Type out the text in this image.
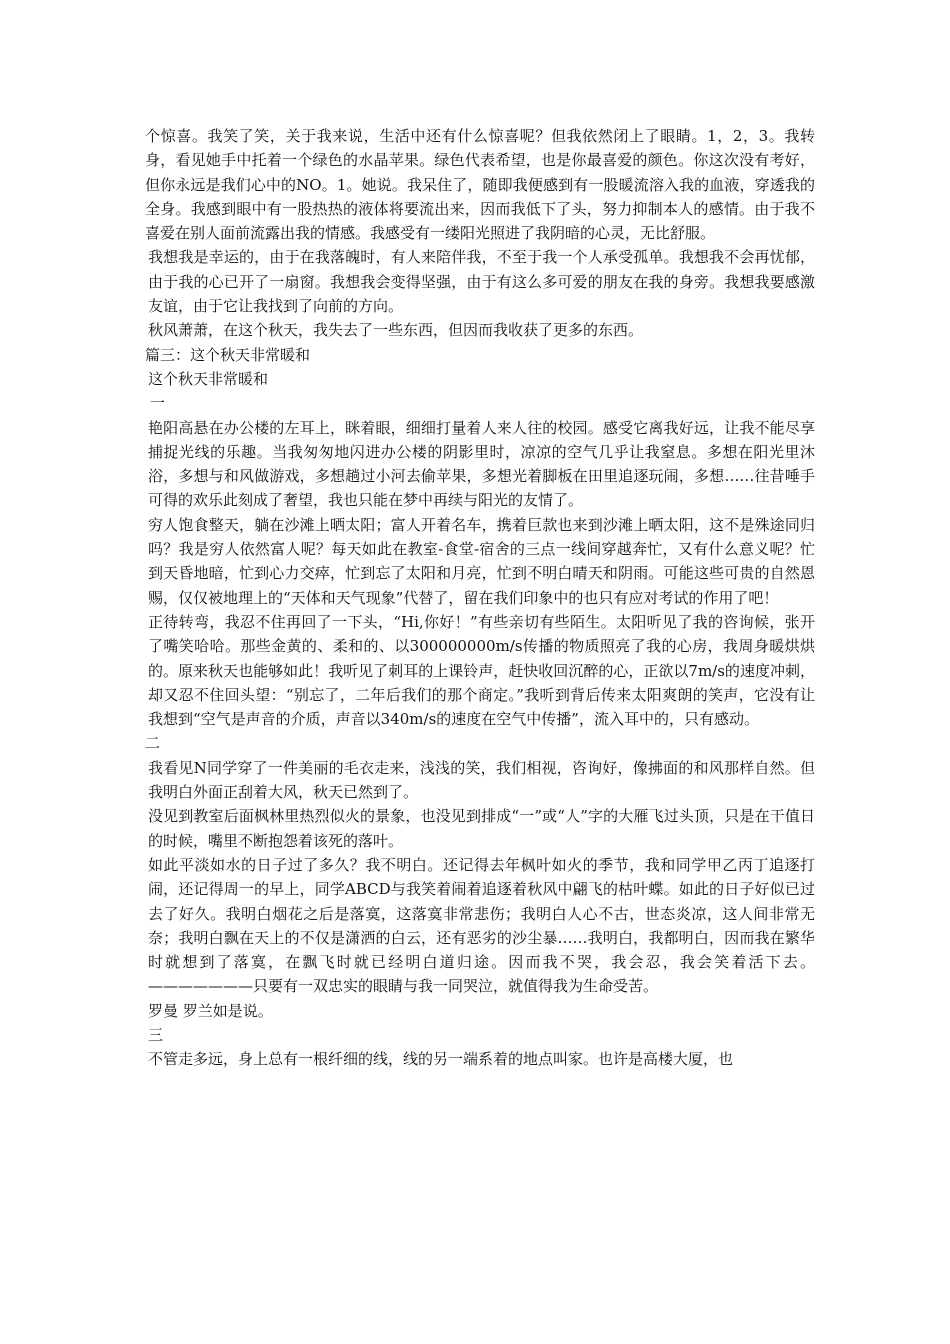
个惊喜。我笑了笑，关于我来说，生活中还有什么惊喜呢？但我依然闭上了眼睛。1，2，3。我转身，看见她手中托着一个绿色的水晶苹果。绿色代表希望，也是你最喜爱的颜色。你这次没有考好，但你永远是我们心中的NO。1。她说。我呆住了，随即我便感到有一股暖流溶入我的血液，穿透我的全身。我感到眼中有一股热热的液体将要流出来，因而我低下了头，努力抑制本人的感情。由于我不喜爱在别人面前流露出我的情感。我感受有一缕阳光照进了我阴暗的心灵，无比舒服。

我想我是幸运的，由于在我落魄时，有人来陪伴我，不至于我一个人承受孤单。我想我不会再忧郁，由于我的心已开了一扇窗。我想我会变得坚强，由于有这么多可爱的朋友在我的身旁。我想我要感激友谊，由于它让我找到了向前的方向。

秋风萧萧，在这个秋天，我失去了一些东西，但因而我收获了更多的东西。

篇三：这个秋天非常暖和

这个秋天非常暖和

一

艳阳高悬在办公楼的左耳上，眯着眼，细细打量着人来人往的校园。感受它离我好远，让我不能尽享捕捉光线的乐趣。当我匆匆地闪进办公楼的阴影里时，凉凉的空气几乎让我窒息。多想在阳光里沐浴，多想与和风做游戏，多想趟过小河去偷苹果，多想光着脚板在田里追逐玩闹，多想……往昔唾手可得的欢乐此刻成了奢望，我也只能在梦中再续与阳光的友情了。

穷人饱食整天，躺在沙滩上晒太阳；富人开着名车，携着巨款也来到沙滩上晒太阳，这不是殊途同归吗？我是穷人依然富人呢？每天如此在教室-食堂-宿舍的三点一线间穿越奔忙，又有什么意义呢？忙到天昏地暗，忙到心力交瘁，忙到忘了太阳和月亮，忙到不明白晴天和阴雨。可能这些可贵的自然恩赐，仅仅被地理上的“天体和天气现象”代替了，留在我们印象中的也只有应对考试的作用了吧！

正待转弯，我忍不住再回了一下头，“Hi,你好！”有些亲切有些陌生。太阳听见了我的咨询候，张开了嘴笑哈哈。那些金黄的、柔和的、以300000000m/s传播的物质照亮了我的心房，我周身暖烘烘的。原来秋天也能够如此！我听见了刺耳的上课铃声，赶快收回沉醉的心，正欲以7m/s的速度冲刺，却又忍不住回头望：“别忘了，二年后我们的那个商定。”我听到背后传来太阳爽朗的笑声，它没有让我想到“空气是声音的介质，声音以340m/s的速度在空气中传播”，流入耳中的，只有感动。

二

我看见N同学穿了一件美丽的毛衣走来，浅浅的笑，我们相视，咨询好，像拂面的和风那样自然。但我明白外面正刮着大风，秋天已然到了。

没见到教室后面枫林里热烈似火的景象，也没见到排成“一”或“人”字的大雁飞过头顶，只是在干值日的时候，嘴里不断抱怨着该死的落叶。

如此平淡如水的日子过了多久？我不明白。还记得去年枫叶如火的季节，我和同学甲乙丙丁追逐打闹，还记得周一的早上，同学ABCD与我笑着闹着追逐着秋风中翩飞的枯叶蝶。如此的日子好似已过去了好久。我明白烟花之后是落寞，这落寞非常悲伤；我明白人心不古，世态炎凉，这人间非常无奈；我明白飘在天上的不仅是潇洒的白云，还有恶劣的沙尘暴……我明白，我都明白，因而我在繁华时就想到了落寞，在飘飞时就已经明白道归途。因而我不哭，我会忍，我会笑着活下去。———————只要有一双忠实的眼睛与我一同哭泣，就值得我为生命受苦。

罗曼 罗兰如是说。

三

不管走多远，身上总有一根纤细的线，线的另一端系着的地点叫家。也许是高楼大厦，也
